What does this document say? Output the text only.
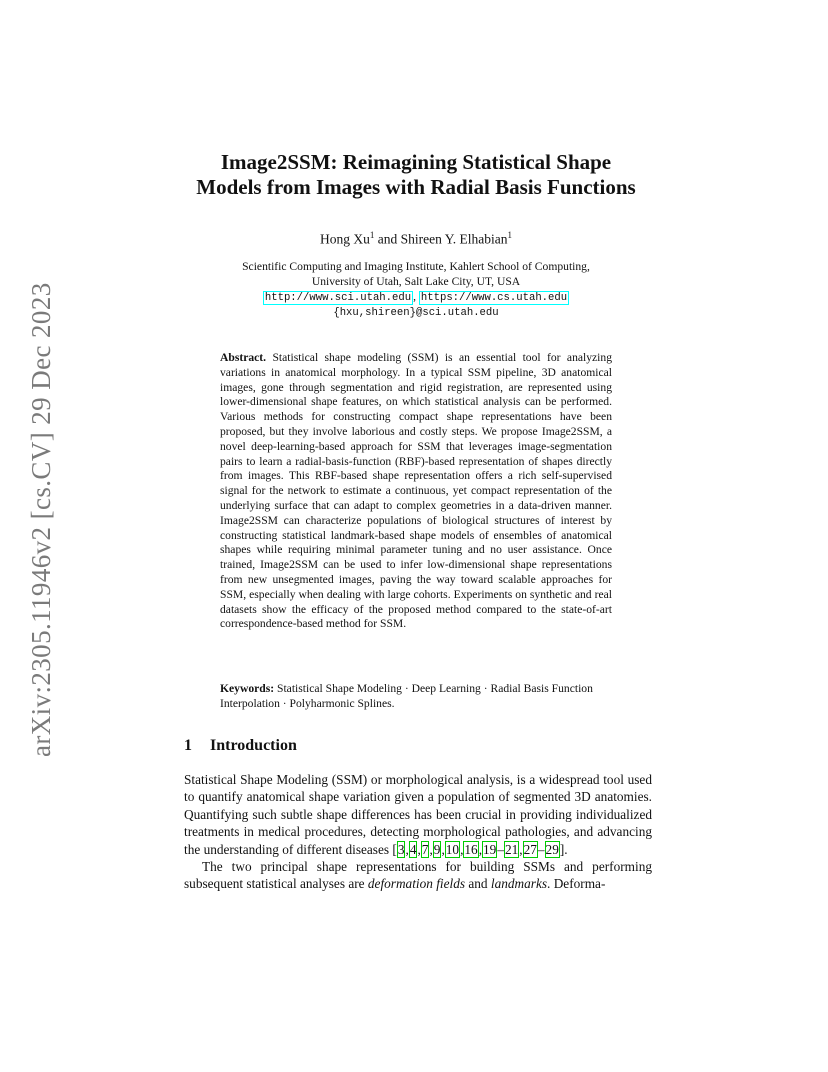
arXiv:2305.11946v2 [cs.CV] 29 Dec 2023
Image2SSM: Reimagining Statistical Shape
Models from Images with Radial Basis Functions
Hong Xu$^1$ and Shireen Y. Elhabian$^1$
Scientific Computing and Imaging Institute, Kahlert School of Computing,
University of Utah, Salt Lake City, UT, USA
http://www.sci.utah.edu , https://www.cs.utah.edu
{hxu,shireen}@sci.utah.edu

Abstract. Statistical shape modeling (SSM) is an essential tool for analyzing variations in anatomical morphology. In a typical SSM pipeline, 3D anatomical images, gone through segmentation and rigid registration, are represented using lower-dimensional shape features, on which statistical analysis can be performed. Various methods for constructing compact shape representations have been proposed, but they involve laborious and costly steps. We propose Image2SSM, a novel deep-learning-based approach for SSM that leverages image-segmentation pairs to learn a radial-basis-function (RBF)-based representation of shapes directly from images. This RBF-based shape representation offers a rich self-supervised signal for the network to estimate a continuous, yet compact representation of the underlying surface that can adapt to complex geometries in a data-driven manner. Image2SSM can characterize populations of biological structures of interest by constructing statistical landmark-based shape models of ensembles of anatomical shapes while requiring minimal parameter tuning and no user assistance. Once trained, Image2SSM can be used to infer low-dimensional shape representations from new unsegmented images, paving the way toward scalable approaches for SSM, especially when dealing with large cohorts. Experiments on synthetic and real datasets show the efficacy of the proposed method compared to the state-of-art correspondence-based method for SSM.

Keywords: Statistical Shape Modeling · Deep Learning · Radial Basis Function Interpolation · Polyharmonic Splines.

1 Introduction

Statistical Shape Modeling (SSM) or morphological analysis, is a widespread tool used to quantify anatomical shape variation given a population of segmented 3D anatomies. Quantifying such subtle shape differences has been crucial in providing individualized treatments in medical procedures, detecting morphological pathologies, and advancing the understanding of different diseases [3,4,7,9,10,16,19–21,27–29].

The two principal shape representations for building SSMs and performing subsequent statistical analyses are deformation fields and landmarks. Deforma-
